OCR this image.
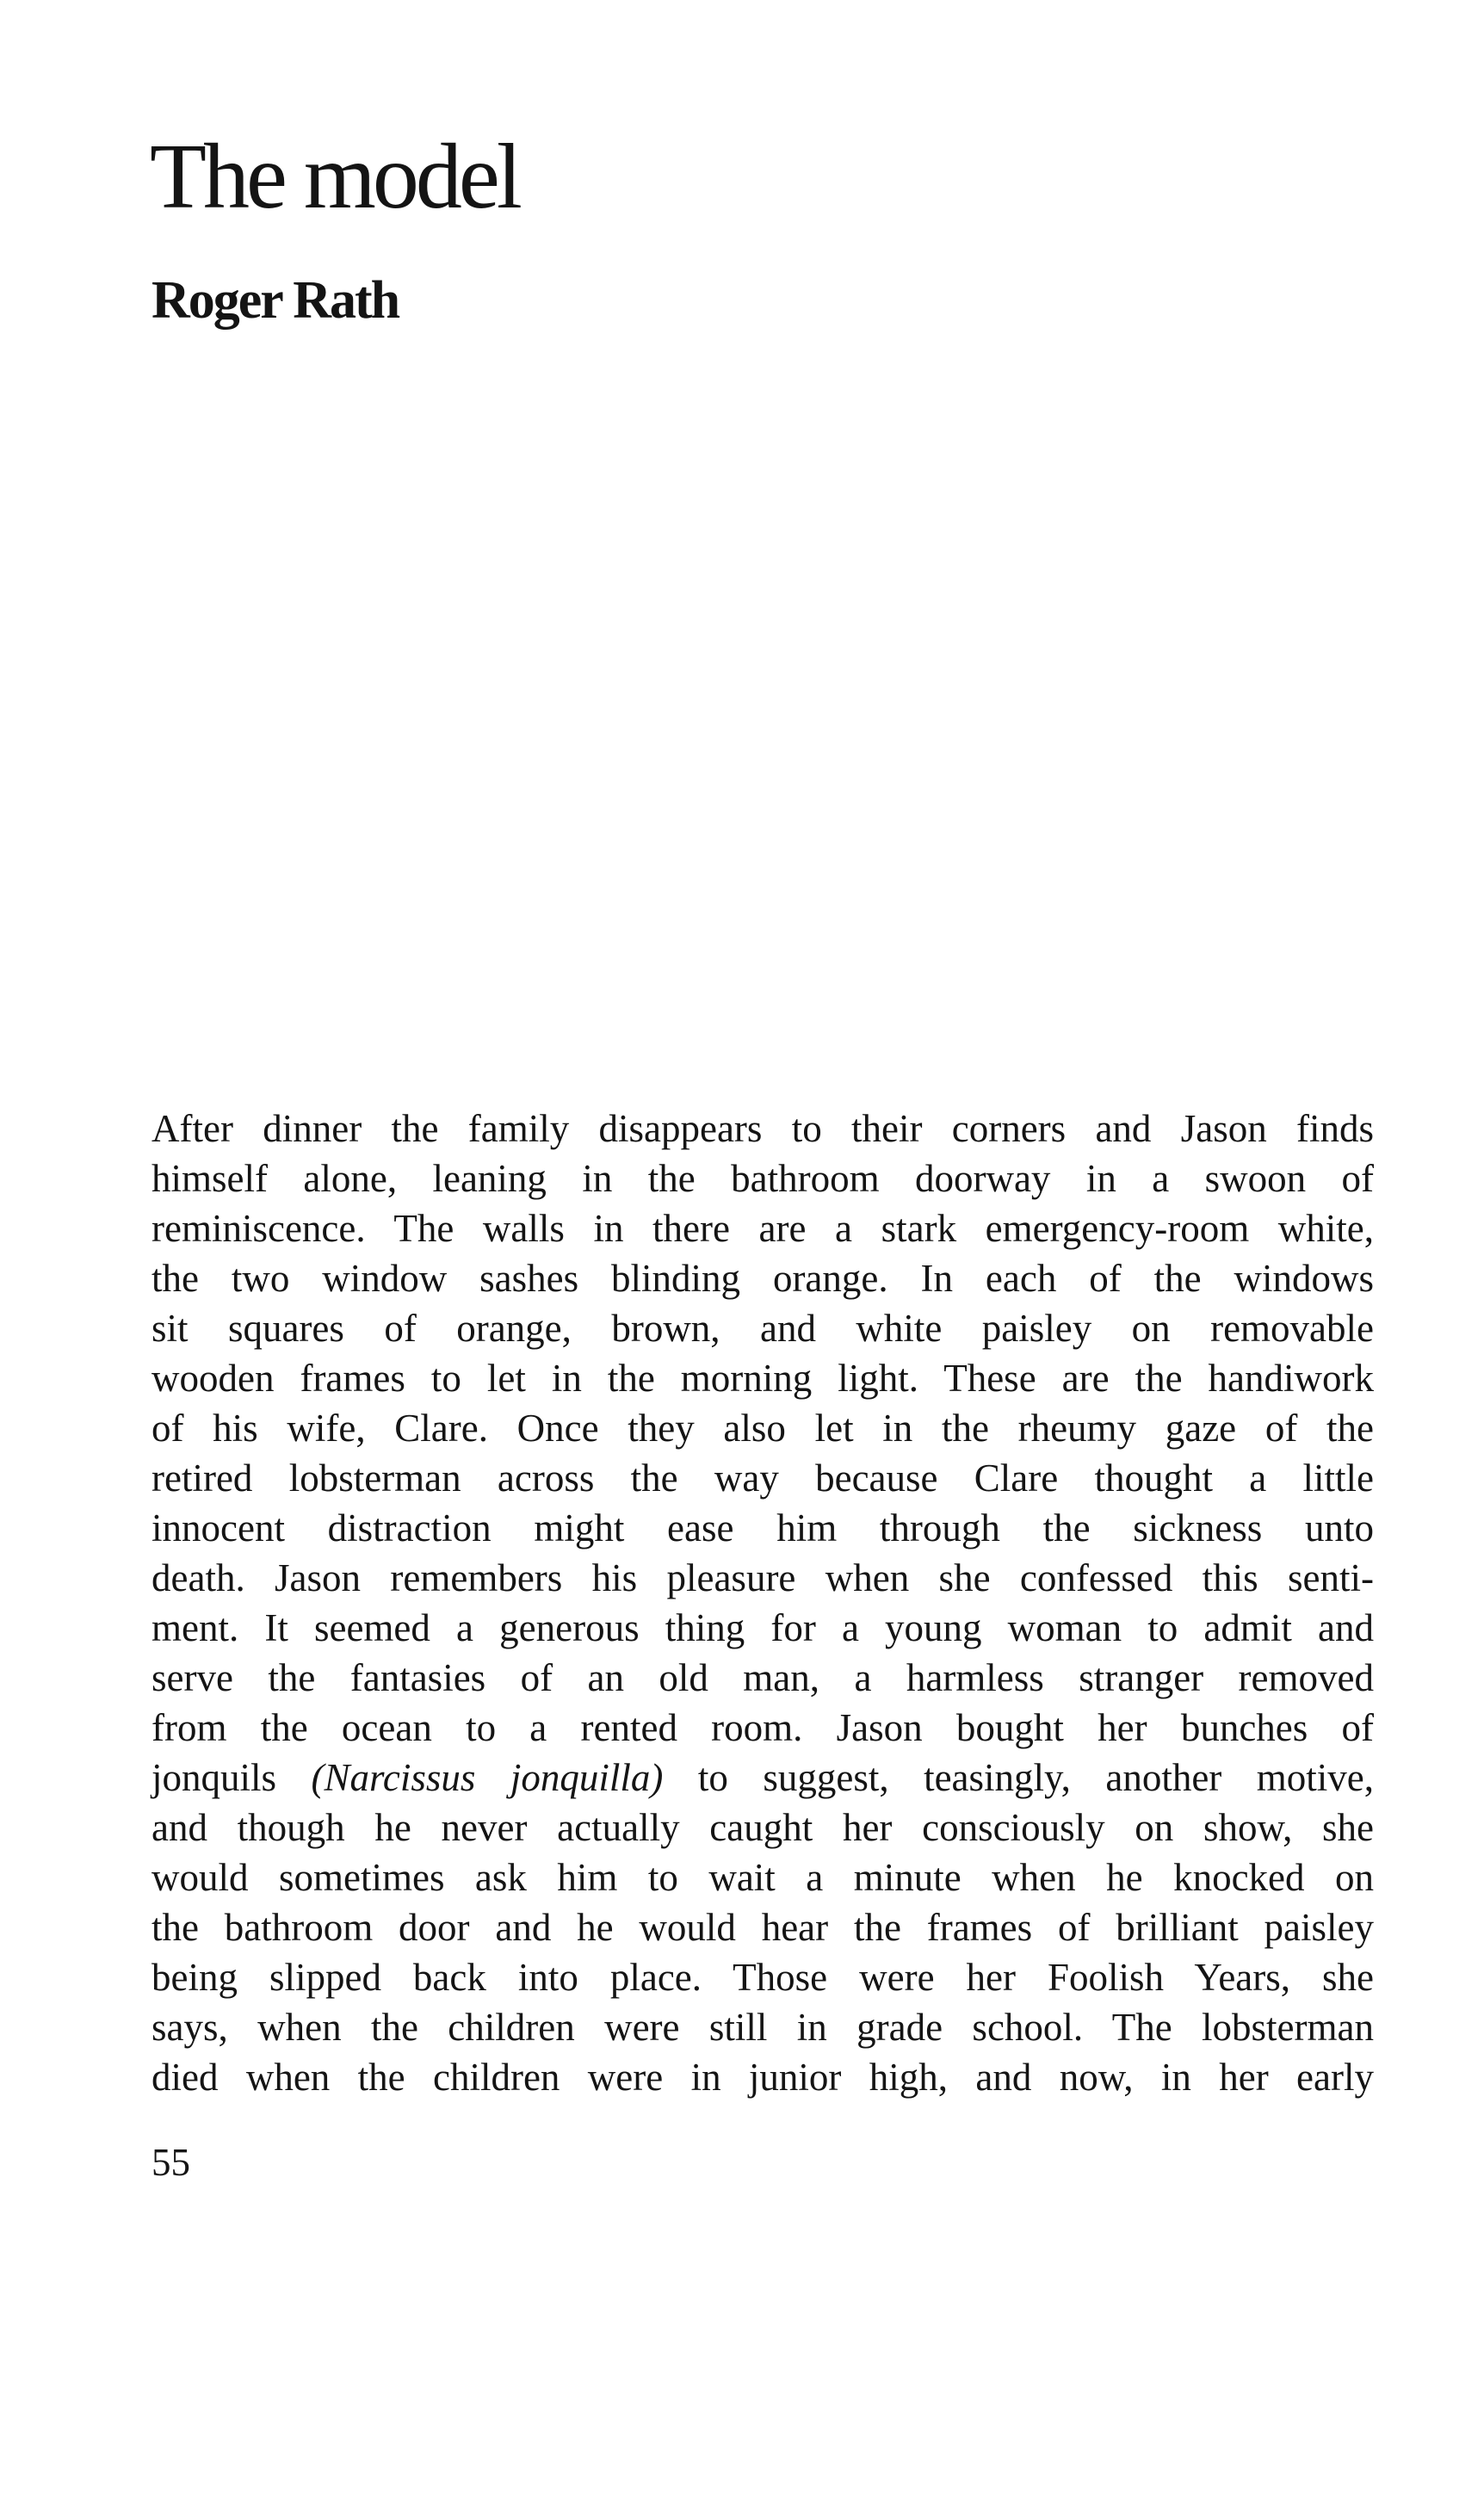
The model
Roger Rath
After dinner the family disappears to their corners and Jason finds
himself alone, leaning in the bathroom doorway in a swoon of
reminiscence. The walls in there are a stark emergency-room white,
the two window sashes blinding orange. In each of the windows
sit squares of orange, brown, and white paisley on removable
wooden frames to let in the morning light. These are the handiwork
of his wife, Clare. Once they also let in the rheumy gaze of the
retired lobsterman across the way because Clare thought a little
innocent distraction might ease him through the sickness unto
death. Jason remembers his pleasure when she confessed this senti-
ment. It seemed a generous thing for a young woman to admit and
serve the fantasies of an old man, a harmless stranger removed
from the ocean to a rented room. Jason bought her bunches of
jonquils (Narcissus jonquilla) to suggest, teasingly, another motive,
and though he never actually caught her consciously on show, she
would sometimes ask him to wait a minute when he knocked on
the bathroom door and he would hear the frames of brilliant paisley
being slipped back into place. Those were her Foolish Years, she
says, when the children were still in grade school. The lobsterman
died when the children were in junior high, and now, in her early

55
